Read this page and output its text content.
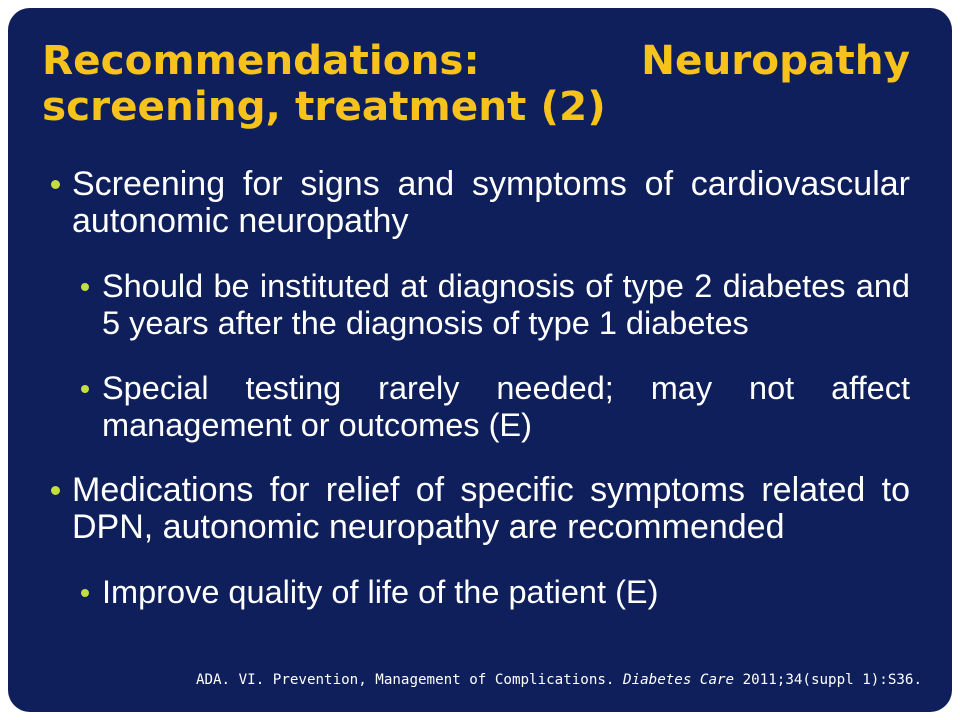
Recommendations: Neuropathy screening, treatment (2)
Screening for signs and symptoms of cardiovascular autonomic neuropathy
Should be instituted at diagnosis of type 2 diabetes and 5 years after the diagnosis of type 1 diabetes
Special testing rarely needed; may not affect management or outcomes (E)
Medications for relief of specific symptoms related to DPN, autonomic neuropathy are recommended
Improve quality of life of the patient (E)
ADA. VI. Prevention, Management of Complications. Diabetes Care 2011;34(suppl 1):S36.
